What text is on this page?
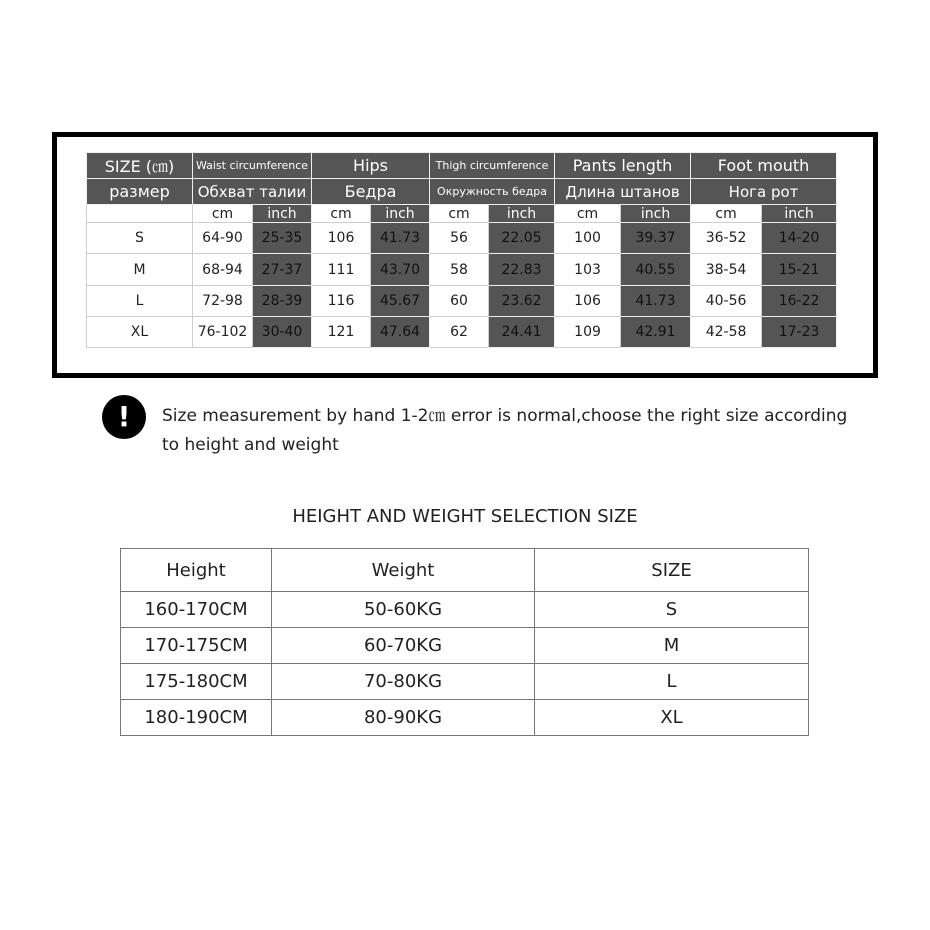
SIZE (㎝)	Waist circumference		Hips		Thigh circumference		Pants length		Foot mouth	
размер	Обхват талии		Бедра		Окружность бедра		Длина штанов		Нога рот	
	cm	inch	cm	inch	cm	inch	cm	inch	cm	inch
S	64-90	25-35	106	41.73	56	22.05	100	39.37	36-52	14-20
M	68-94	27-37	111	43.70	58	22.83	103	40.55	38-54	15-21
L	72-98	28-39	116	45.67	60	23.62	106	41.73	40-56	16-22
XL	76-102	30-40	121	47.64	62	24.41	109	42.91	42-58	17-23
!	Size measurement by hand 1-2㎝ error is normal,choose the right size according
to height and weight
HEIGHT AND WEIGHT SELECTION SIZE
Height	Weight	SIZE
160-170CM	50-60KG	S
170-175CM	60-70KG	M
175-180CM	70-80KG	L
180-190CM	80-90KG	XL
